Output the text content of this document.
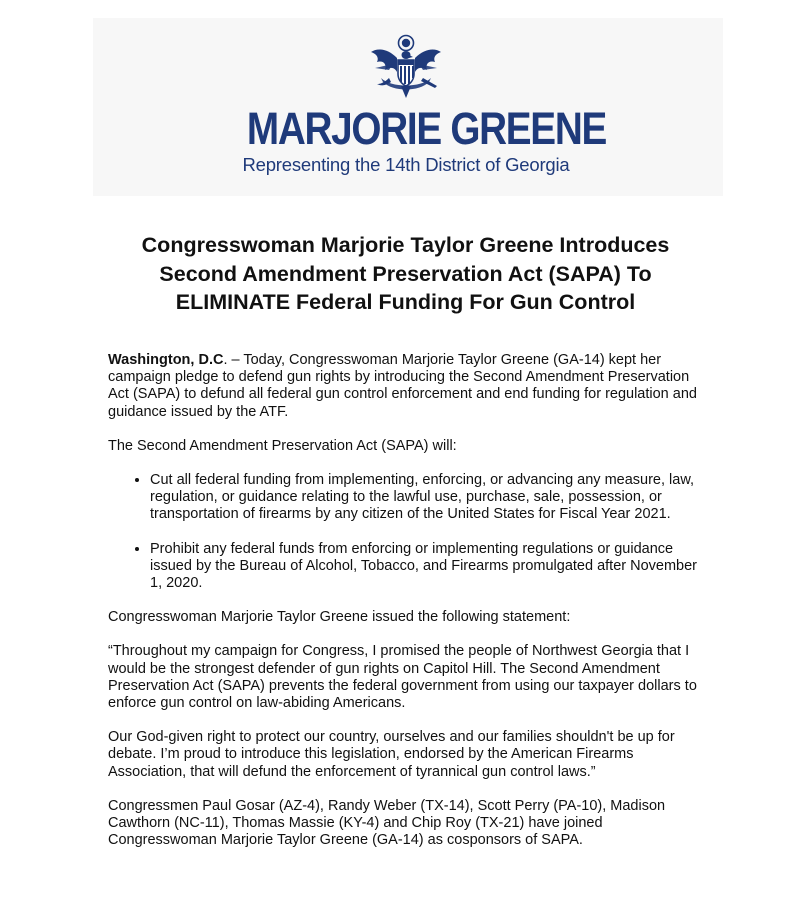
MARJORIE GREENE
Representing the 14th District of Georgia
Congresswoman Marjorie Taylor Greene Introduces Second Amendment Preservation Act (SAPA) To ELIMINATE Federal Funding For Gun Control

Washington, D.C. – Today, Congresswoman Marjorie Taylor Greene (GA-14) kept her campaign pledge to defend gun rights by introducing the Second Amendment Preservation Act (SAPA) to defund all federal gun control enforcement and end funding for regulation and guidance issued by the ATF.

The Second Amendment Preservation Act (SAPA) will:

• Cut all federal funding from implementing, enforcing, or advancing any measure, law, regulation, or guidance relating to the lawful use, purchase, sale, possession, or transportation of firearms by any citizen of the United States for Fiscal Year 2021.
• Prohibit any federal funds from enforcing or implementing regulations or guidance issued by the Bureau of Alcohol, Tobacco, and Firearms promulgated after November 1, 2020.

Congresswoman Marjorie Taylor Greene issued the following statement:

“Throughout my campaign for Congress, I promised the people of Northwest Georgia that I would be the strongest defender of gun rights on Capitol Hill. The Second Amendment Preservation Act (SAPA) prevents the federal government from using our taxpayer dollars to enforce gun control on law-abiding Americans.

Our God-given right to protect our country, ourselves and our families shouldn't be up for debate. I’m proud to introduce this legislation, endorsed by the American Firearms Association, that will defund the enforcement of tyrannical gun control laws.”

Congressmen Paul Gosar (AZ-4), Randy Weber (TX-14), Scott Perry (PA-10), Madison Cawthorn (NC-11), Thomas Massie (KY-4) and Chip Roy (TX-21) have joined Congresswoman Marjorie Taylor Greene (GA-14) as cosponsors of SAPA.
